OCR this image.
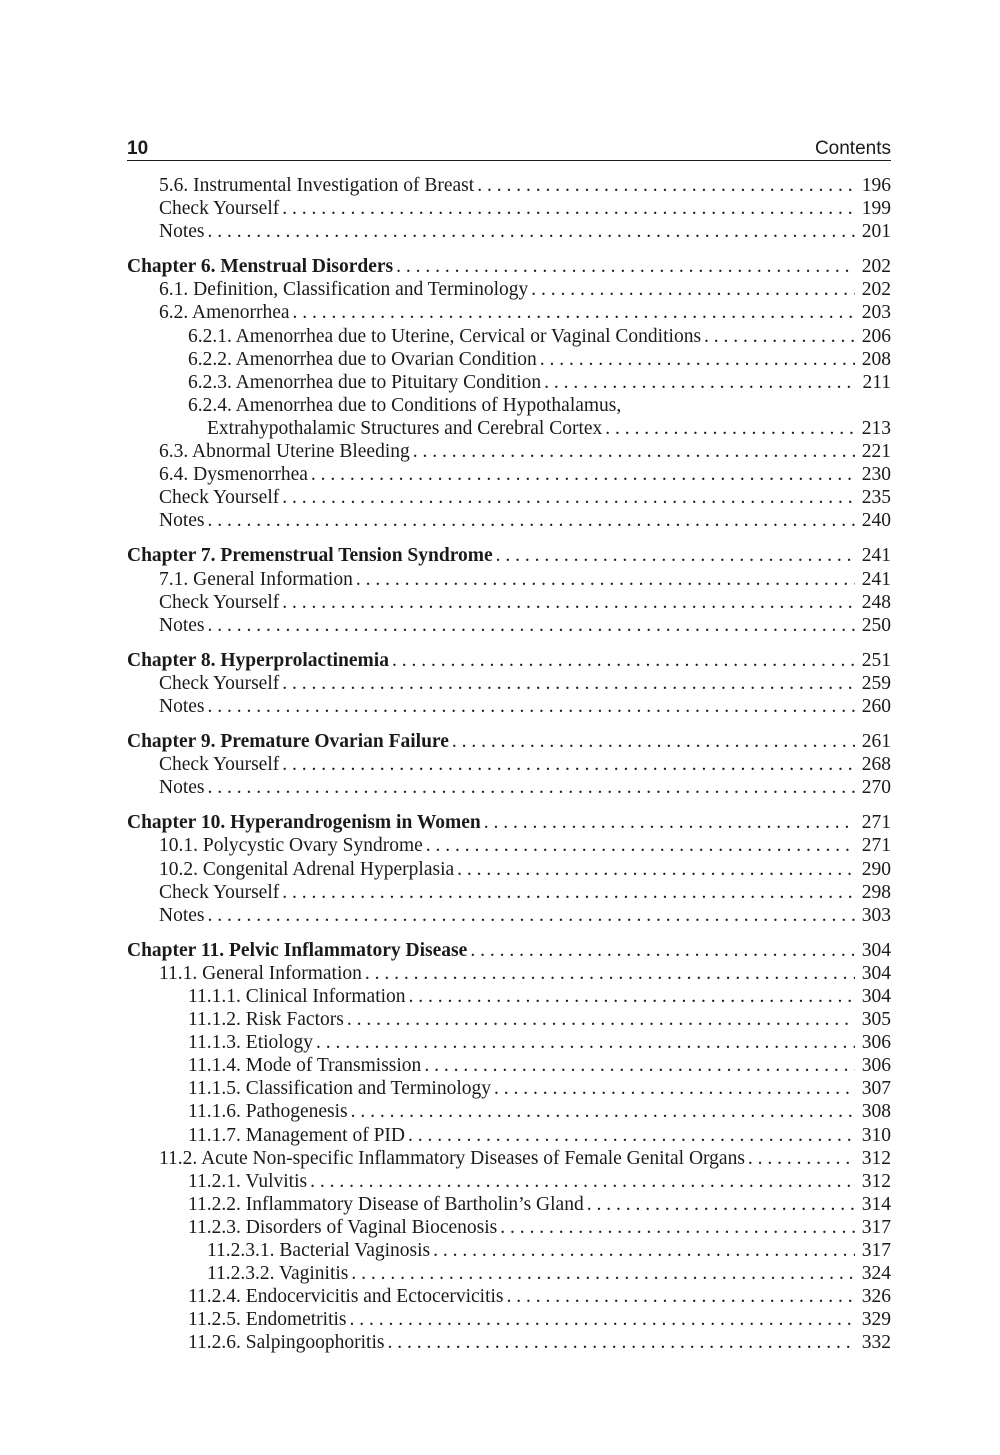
10	Contents
5.6. Instrumental Investigation of Breast . . .	196
Check Yourself . . .	199
Notes . . .	201
Chapter 6. Menstrual Disorders . . .	202
6.1. Definition, Classification and Terminology . . .	202
6.2. Amenorrhea . . .	203
6.2.1. Amenorrhea due to Uterine, Cervical or Vaginal Conditions . . .	206
6.2.2. Amenorrhea due to Ovarian Condition . . .	208
6.2.3. Amenorrhea due to Pituitary Condition . . .	211
6.2.4. Amenorrhea due to Conditions of Hypothalamus,
Extrahypothalamic Structures and Cerebral Cortex . . .	213
6.3. Abnormal Uterine Bleeding . . .	221
6.4. Dysmenorrhea . . .	230
Check Yourself . . .	235
Notes . . .	240
Chapter 7. Premenstrual Tension Syndrome . . .	241
7.1. General Information . . .	241
Check Yourself . . .	248
Notes . . .	250
Chapter 8. Hyperprolactinemia . . .	251
Check Yourself . . .	259
Notes . . .	260
Chapter 9. Premature Ovarian Failure . . .	261
Check Yourself . . .	268
Notes . . .	270
Chapter 10. Hyperandrogenism in Women . . .	271
10.1. Polycystic Ovary Syndrome . . .	271
10.2. Congenital Adrenal Hyperplasia . . .	290
Check Yourself . . .	298
Notes . . .	303
Chapter 11. Pelvic Inflammatory Disease . . .	304
11.1. General Information . . .	304
11.1.1. Clinical Information . . .	304
11.1.2. Risk Factors . . .	305
11.1.3. Etiology . . .	306
11.1.4. Mode of Transmission . . .	306
11.1.5. Classification and Terminology . . .	307
11.1.6. Pathogenesis . . .	308
11.1.7. Management of PID . . .	310
11.2. Acute Non-specific Inflammatory Diseases of Female Genital Organs . . .	312
11.2.1. Vulvitis . . .	312
11.2.2. Inflammatory Disease of Bartholin’s Gland . . .	314
11.2.3. Disorders of Vaginal Biocenosis . . .	317
11.2.3.1. Bacterial Vaginosis . . .	317
11.2.3.2. Vaginitis . . .	324
11.2.4. Endocervicitis and Ectocervicitis . . .	326
11.2.5. Endometritis . . .	329
11.2.6. Salpingoophoritis . . .	332
